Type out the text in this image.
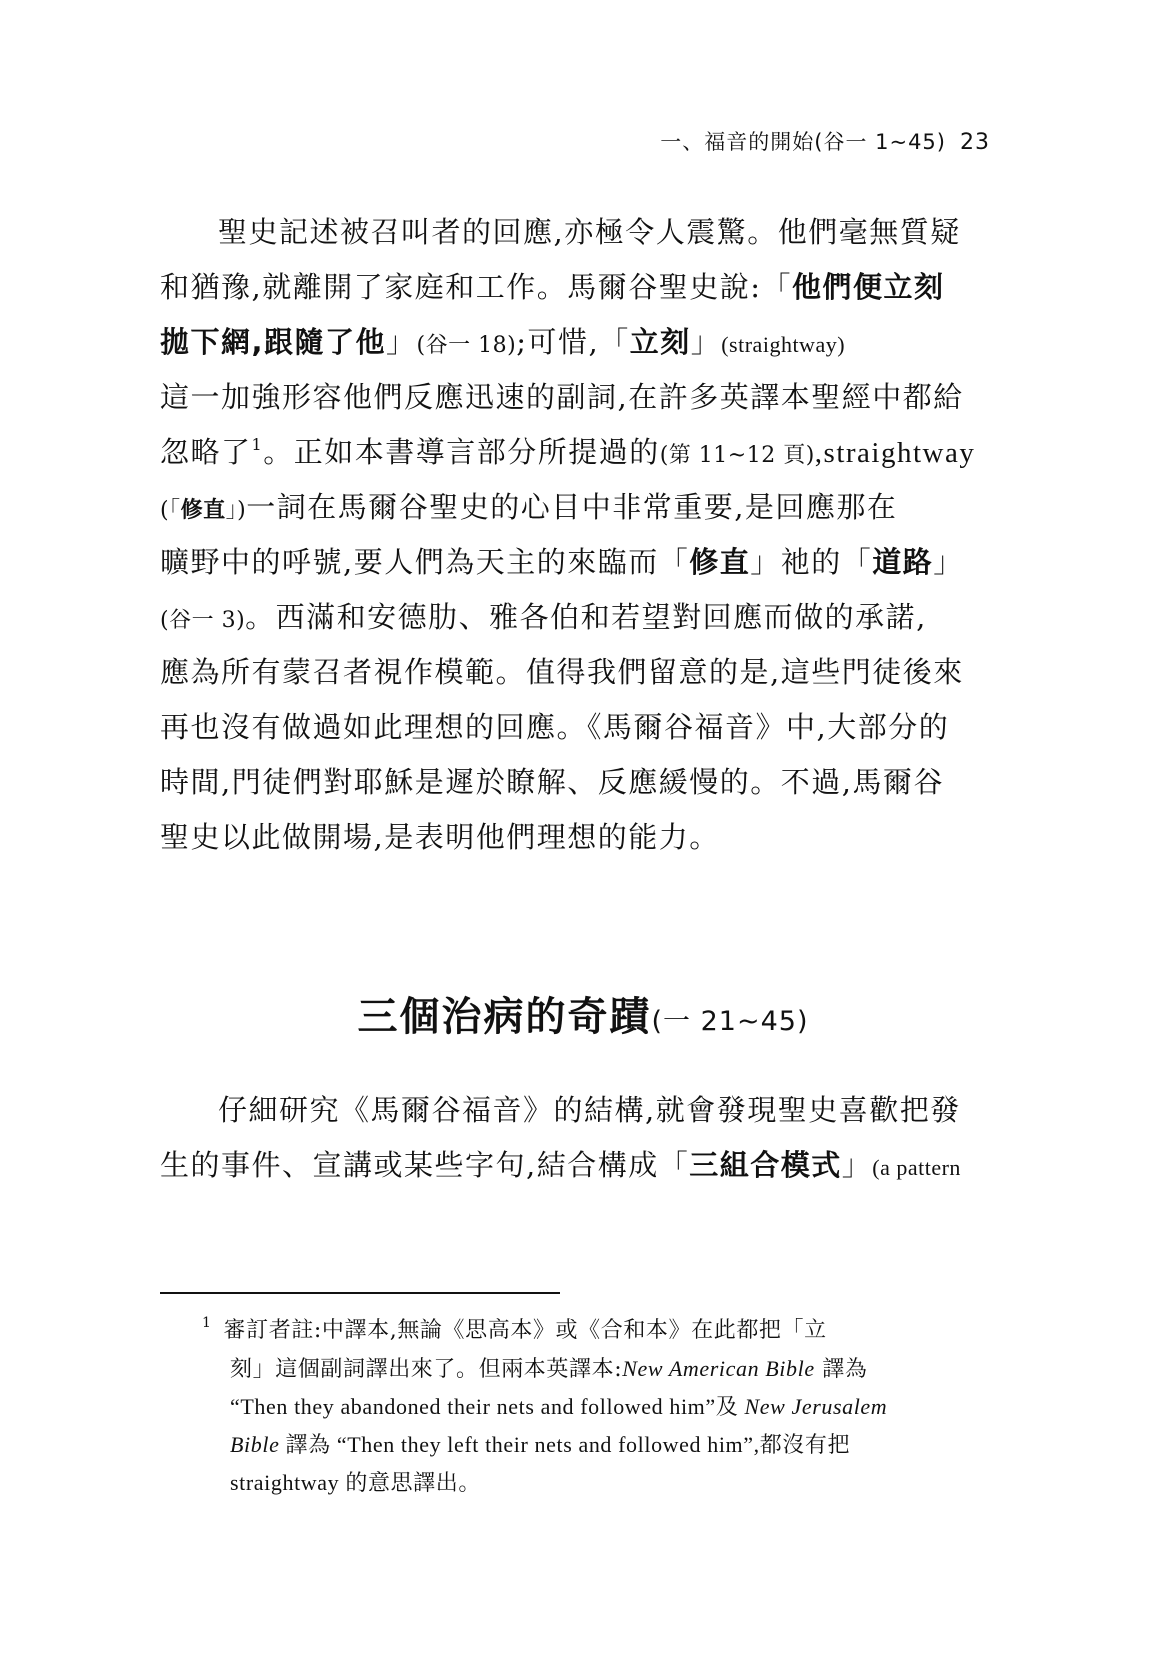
一、福音的開始(谷一 1~45) 23
聖史記述被召叫者的回應,亦極令人震驚。他們毫無質疑
和猶豫,就離開了家庭和工作。馬爾谷聖史說:「他們便立刻
拋下網,跟隨了他」(谷一 18);可惜,「立刻」(straightway)
這一加強形容他們反應迅速的副詞,在許多英譯本聖經中都給
忽略了$^1$。正如本書導言部分所提過的(第 11~12 頁),straightway
(「修直」)一詞在馬爾谷聖史的心目中非常重要,是回應那在
曠野中的呼號,要人們為天主的來臨而「修直」祂的「道路」
(谷一 3)。西滿和安德肋、雅各伯和若望對回應而做的承諾,
應為所有蒙召者視作模範。值得我們留意的是,這些門徒後來
再也沒有做過如此理想的回應。《馬爾谷福音》中,大部分的
時間,門徒們對耶穌是遲於瞭解、反應緩慢的。不過,馬爾谷
聖史以此做開場,是表明他們理想的能力。
三個治病的奇蹟(一 21~45)
仔細研究《馬爾谷福音》的結構,就會發現聖史喜歡把發
生的事件、宣講或某些字句,結合構成「三組合模式」(a pattern
$^1$ 審訂者註:中譯本,無論《思高本》或《合和本》在此都把「立
刻」這個副詞譯出來了。但兩本英譯本:New American Bible 譯為
“Then they abandoned their nets and followed him”及 New Jerusalem
Bible 譯為 “Then they left their nets and followed him”,都沒有把
straightway 的意思譯出。
